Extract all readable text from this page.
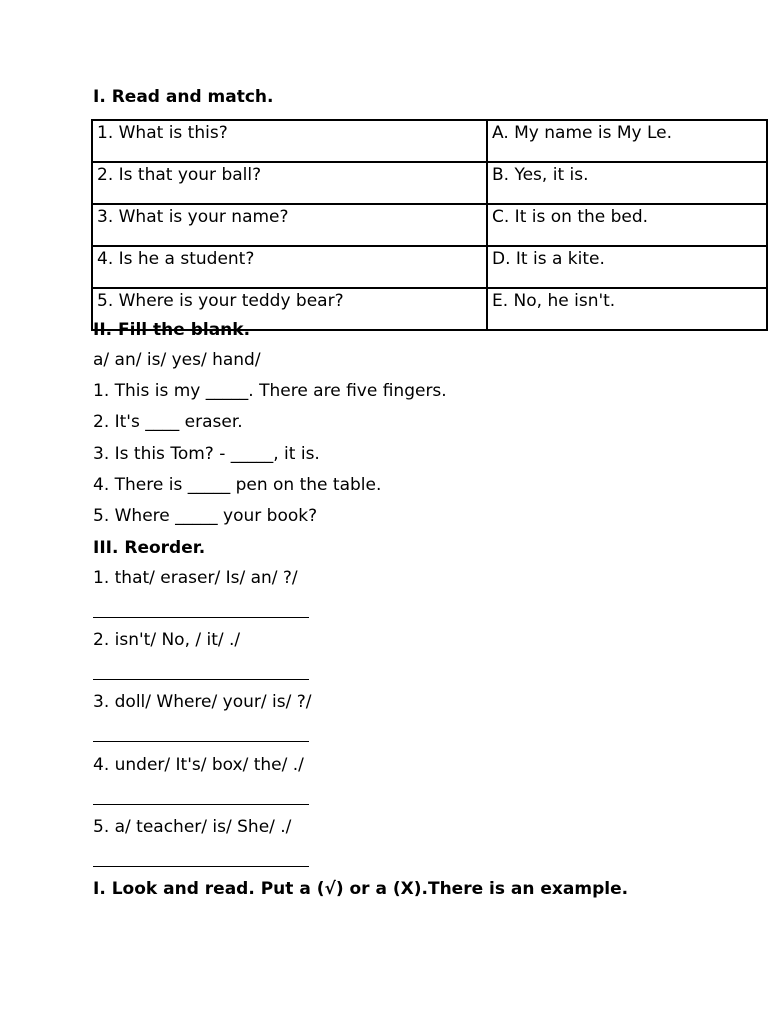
I. Read and match.
1. What is this?	A. My name is My Le.
2. Is that your ball?	B. Yes, it is.
3. What is your name?	C. It is on the bed.
4. Is he a student?	D. It is a kite.
5. Where is your teddy bear?	E. No, he isn't.
II. Fill the blank.
a/ an/ is/ yes/ hand/
1. This is my _____. There are five fingers.
2. It's ____ eraser.
3. Is this Tom? - _____, it is.
4. There is _____ pen on the table.
5. Where _____ your book?
III. Reorder.
1. that/ eraser/ Is/ an/ ?/
2. isn't/ No, / it/ ./
3. doll/ Where/ your/ is/ ?/
4. under/ It's/ box/ the/ ./
5. a/ teacher/ is/ She/ ./
I. Look and read. Put a (√) or a (X).There is an example.
